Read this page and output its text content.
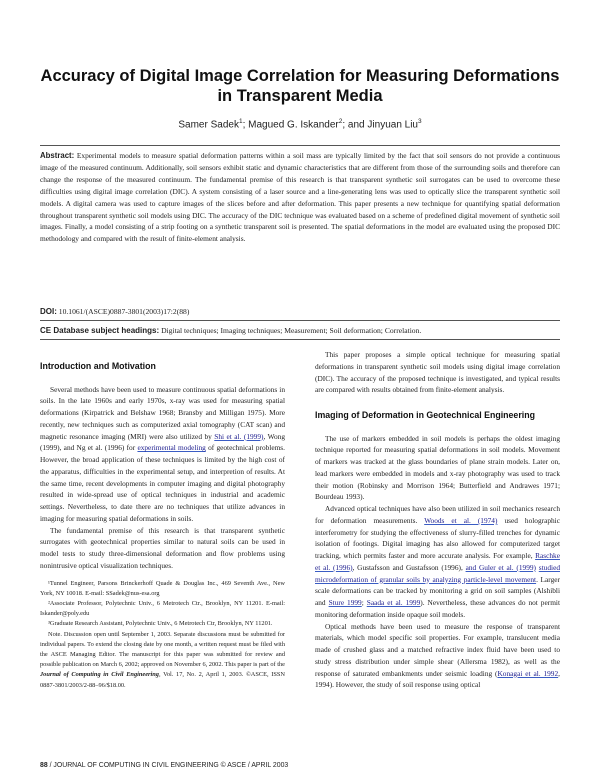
Accuracy of Digital Image Correlation for Measuring Deformations in Transparent Media
Samer Sadek$^1$; Magued G. Iskander$^2$; and Jinyuan Liu$^3$
Abstract: Experimental models to measure spatial deformation patterns within a soil mass are typically limited by the fact that soil sensors do not provide a continuous image of the measured continuum. Additionally, soil sensors exhibit static and dynamic characteristics that are different from those of the surrounding soils and therefore can change the response of the measured continuum. The fundamental premise of this research is that transparent synthetic soil surrogates can be used to overcome these difficulties using digital image correlation (DIC). A system consisting of a laser source and a line-generating lens was used to optically slice the transparent synthetic soil models. A digital camera was used to capture images of the slices before and after deformation. This paper presents a new technique for quantifying spatial deformation throughout transparent synthetic soil models using DIC. The accuracy of the DIC technique was evaluated based on a scheme of predefined digital movement of synthetic soil images. Finally, a model consisting of a strip footing on a synthetic transparent soil is presented. The spatial deformations in the model are evaluated using the proposed DIC methodology and compared with the result of finite-element analysis.
DOI: 10.1061/(ASCE)0887-3801(2003)17:2(88)
CE Database subject headings: Digital techniques; Imaging techniques; Measurement; Soil deformation; Correlation.
Introduction and Motivation

Several methods have been used to measure continuous spatial deformations in soils. In the late 1960s and early 1970s, x-ray was used for measuring spatial deformations (Kirpatrick and Belshaw 1968; Bransby and Milligan 1975). More recently, new techniques such as computerized axial tomography (CAT scan) and magnetic resonance imaging (MRI) were also utilized by Shi et al. (1999), Wong (1999), and Ng et al. (1996) for experimental modeling of geotechnical problems. However, the broad application of these techniques is limited by the high cost of the apparatus, difficulties in the experimental setup, and interpretion of results. At the same time, recent developments in computer imaging and digital photography resulted in wide-spread use of optical techniques in industrial and academic settings. Nevertheless, to date there are no techniques that utilize advances in imaging for measuring spatial deformations in soils.

The fundamental premise of this research is that transparent synthetic surrogates with geotechnical properties similar to natural soils can be used in model tests to study three-dimensional deformation and flow problems using nonintrusive optical visualization techniques.

¹Tunnel Engineer, Parsons Brinckerhoff Quade & Douglas Inc., 469 Seventh Ave., New York, NY 10018. E-mail: SSadek@nus-esa.org

²Associate Professor, Polytechnic Univ., 6 Metrotech Ctr., Brooklyn, NY 11201. E-mail: Iskander@poly.edu

³Graduate Research Assistant, Polytechnic Univ., 6 Metrotech Ctr, Brooklyn, NY 11201.

Note. Discussion open until September 1, 2003. Separate discussions must be submitted for individual papers. To extend the closing date by one month, a written request must be filed with the ASCE Managing Editor. The manuscript for this paper was submitted for review and possible publication on March 6, 2002; approved on November 6, 2002. This paper is part of the Journal of Computing in Civil Engineering, Vol. 17, No. 2, April 1, 2003. ©ASCE, ISSN 0887-3801/2003/2-88–96/$18.00.

This paper proposes a simple optical technique for measuring spatial deformations in transparent synthetic soil models using digital image correlation (DIC). The accuracy of the proposed technique is investigated, and typical results are compared with results obtained from finite-element analysis.

Imaging of Deformation in Geotechnical Engineering

The use of markers embedded in soil models is perhaps the oldest imaging technique reported for measuring spatial deformations in soil models. Movement of markers was tracked at the glass boundaries of plane strain models. Later on, lead markers were embedded in models and x-ray photography was used to track their motion (Robinsky and Morrison 1964; Butterfield and Andrawes 1971; Bourdeau 1993).

Advanced optical techniques have also been utilized in soil mechanics research for deformation measurements. Woods et al. (1974) used holographic interferometry for studying the effectiveness of slurry-filled trenches for dynamic isolation of footings. Digital imaging has also allowed for computerized target tracking, which permits faster and more accurate analysis. For example, Raschke et al. (1996), Gustafsson and Gustafsson (1996), and Guler et al. (1999) studied microdeformation of granular soils by analyzing particle-level movement. Larger scale deformations can be tracked by monitoring a grid on soil samples (Alshibli and Sture 1999; Saada et al. 1999). Nevertheless, these advances do not permit monitoring deformation inside opaque soil models.

Optical methods have been used to measure the response of transparent materials, which model specific soil properties. For example, translucent media made of crushed glass and a matched refractive index fluid have been used to study stress distribution under simple shear (Allersma 1982), as well as the response of saturated embankments under seismic loading (Konagai et al. 1992, 1994). However, the study of soil response using optical

88 / JOURNAL OF COMPUTING IN CIVIL ENGINEERING © ASCE / APRIL 2003
